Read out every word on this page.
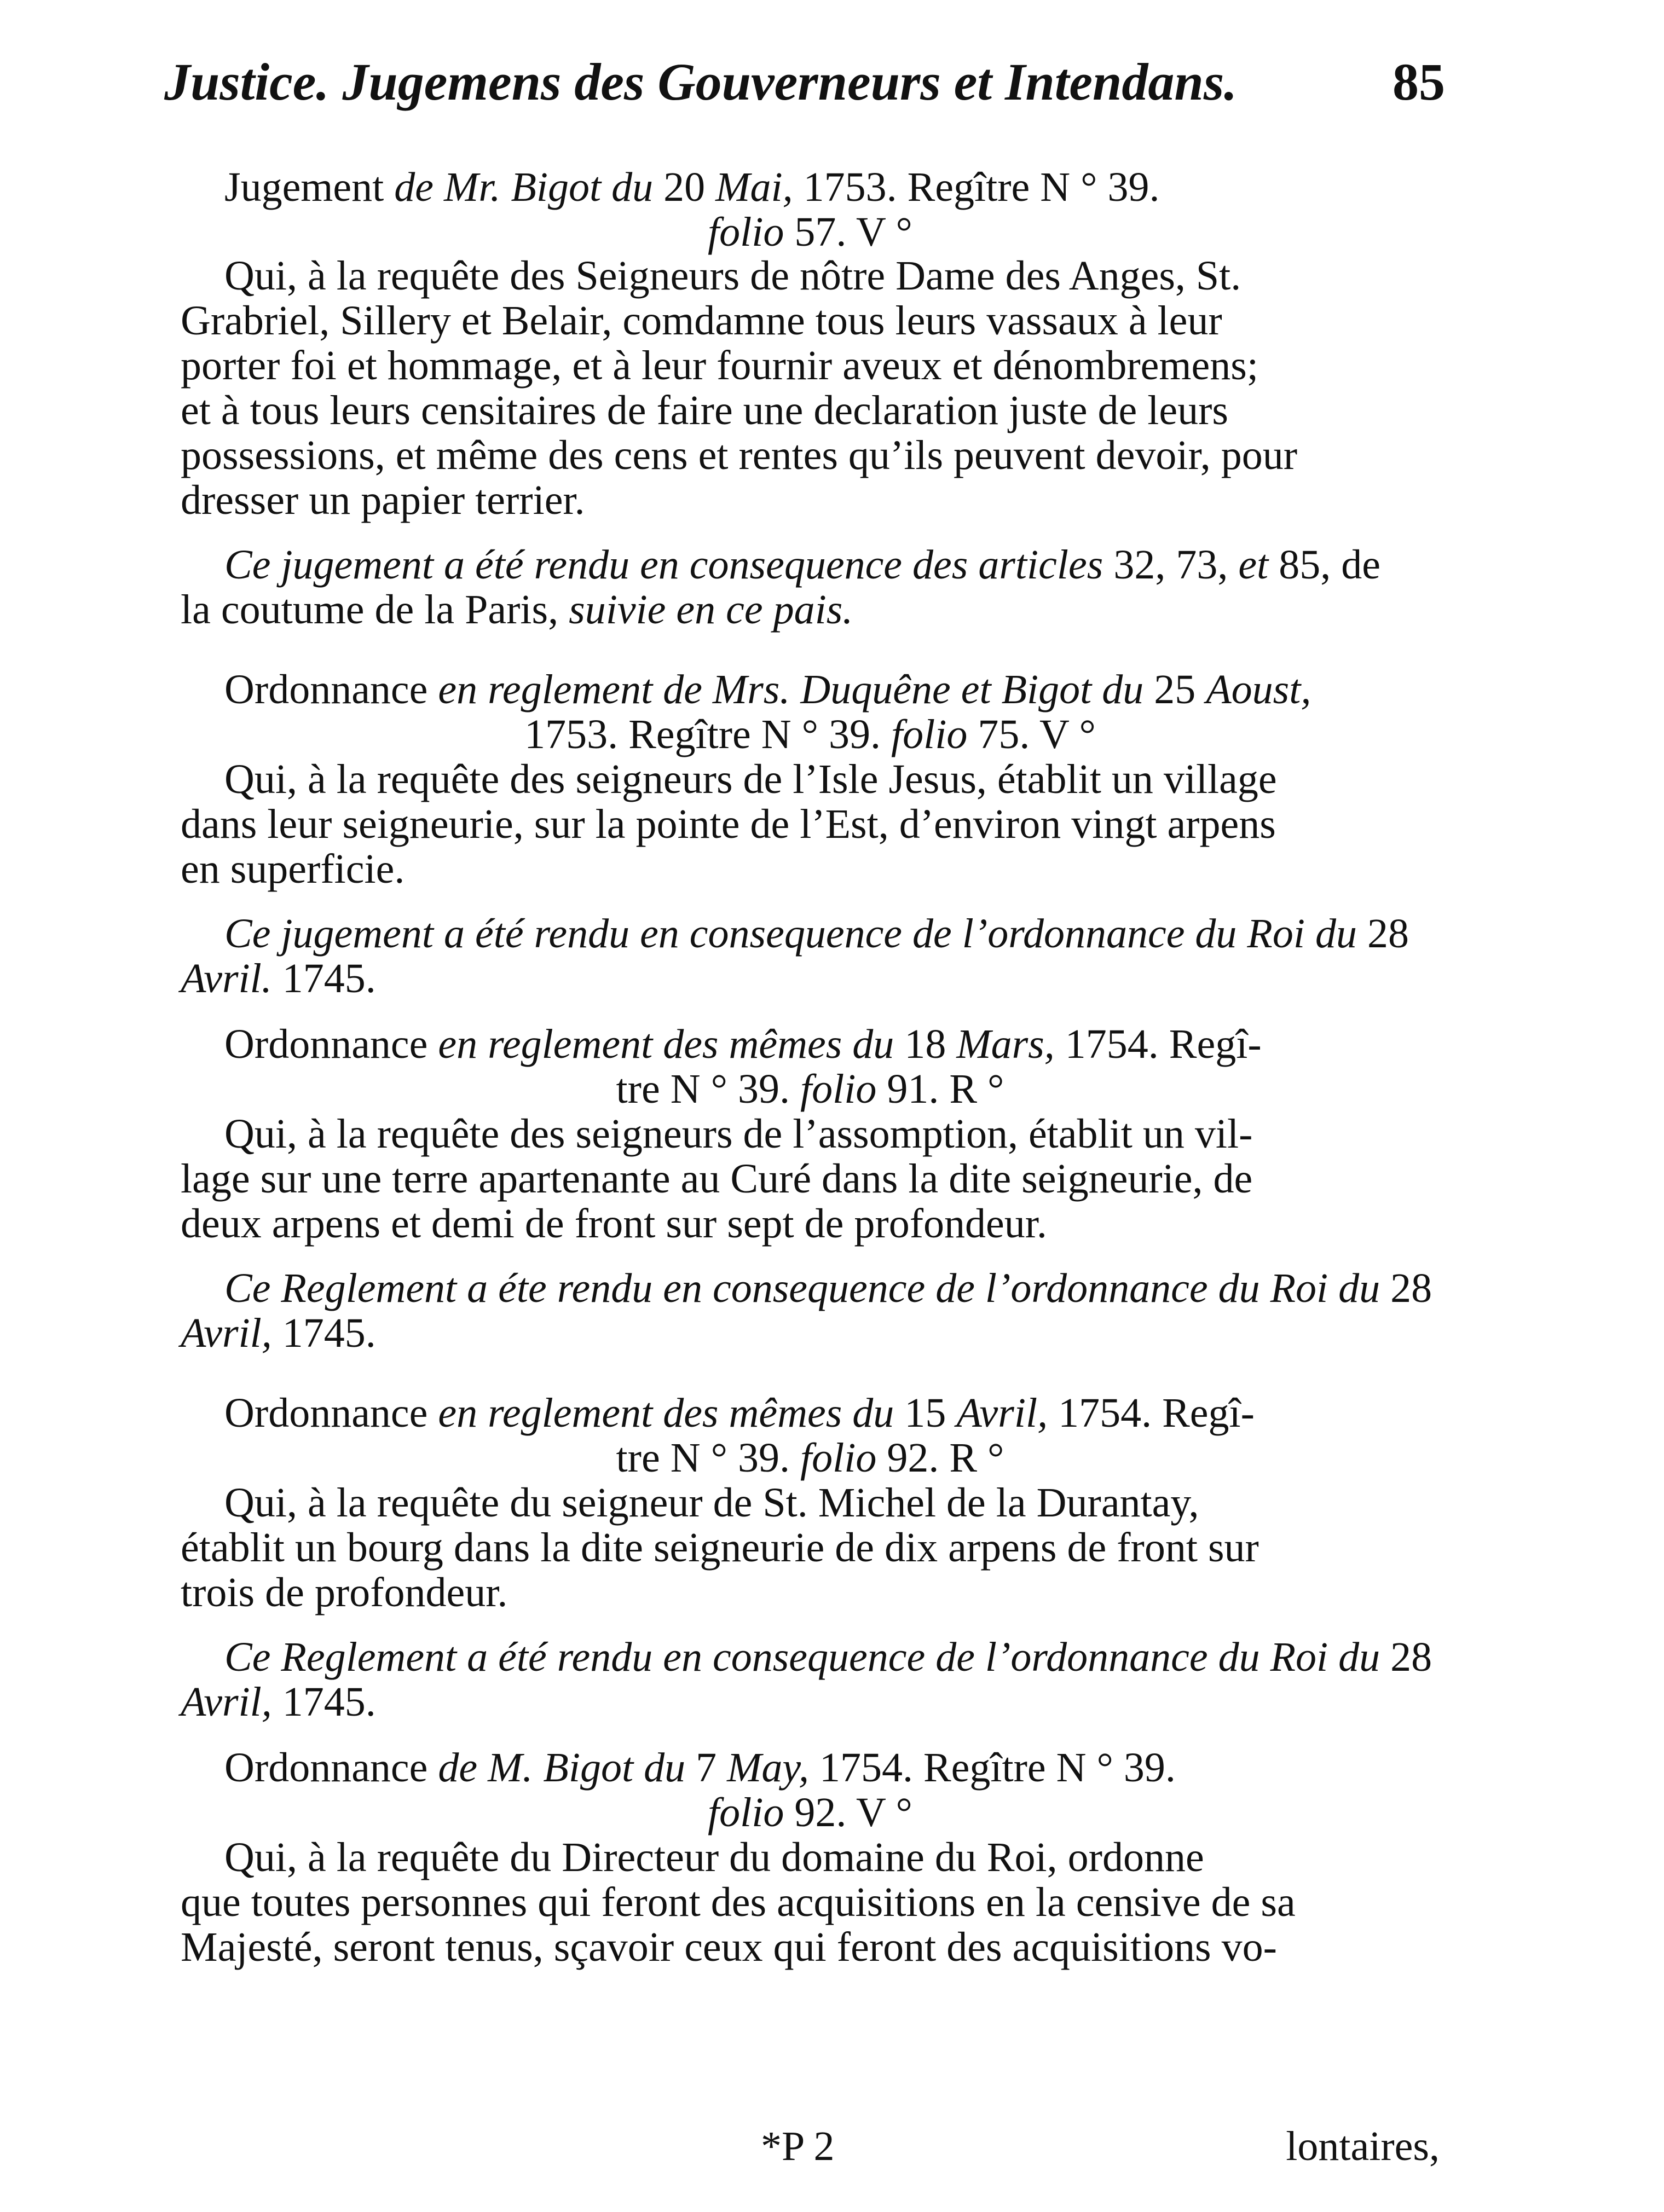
Justice. Jugemens des Gouverneurs et Intendans.	85
Jugement de Mr. Bigot du 20 Mai, 1753. Regître N ° 39.
folio 57. V °
Qui, à la requête des Seigneurs de nôtre Dame des Anges, St.
Grabriel, Sillery et Belair, comdamne tous leurs vassaux à leur
porter foi et hommage, et à leur fournir aveux et dénombremens;
et à tous leurs censitaires de faire une declaration juste de leurs
possessions, et même des cens et rentes qu’ils peuvent devoir, pour
dresser un papier terrier.
Ce jugement a été rendu en consequence des articles 32, 73, et 85, de
la coutume de la Paris, suivie en ce pais.
Ordonnance en reglement de Mrs. Duquêne et Bigot du 25 Aoust,
1753. Regître N ° 39. folio 75. V °
Qui, à la requête des seigneurs de l’Isle Jesus, établit un village
dans leur seigneurie, sur la pointe de l’Est, d’environ vingt arpens
en superficie.
Ce jugement a été rendu en consequence de l’ordonnance du Roi du 28
Avril. 1745.
Ordonnance en reglement des mêmes du 18 Mars, 1754. Regî-
tre N ° 39. folio 91. R °
Qui, à la requête des seigneurs de l’assomption, établit un vil-
lage sur une terre apartenante au Curé dans la dite seigneurie, de
deux arpens et demi de front sur sept de profondeur.
Ce Reglement a éte rendu en consequence de l’ordonnance du Roi du 28
Avril, 1745.
Ordonnance en reglement des mêmes du 15 Avril, 1754. Regî-
tre N ° 39. folio 92. R °
Qui, à la requête du seigneur de St. Michel de la Durantay,
établit un bourg dans la dite seigneurie de dix arpens de front sur
trois de profondeur.
Ce Reglement a été rendu en consequence de l’ordonnance du Roi du 28
Avril, 1745.
Ordonnance de M. Bigot du 7 May, 1754. Regître N ° 39.
folio 92. V °
Qui, à la requête du Directeur du domaine du Roi, ordonne
que toutes personnes qui feront des acquisitions en la censive de sa
Majesté, seront tenus, sçavoir ceux qui feront des acquisitions vo-
*P 2	lontaires,
